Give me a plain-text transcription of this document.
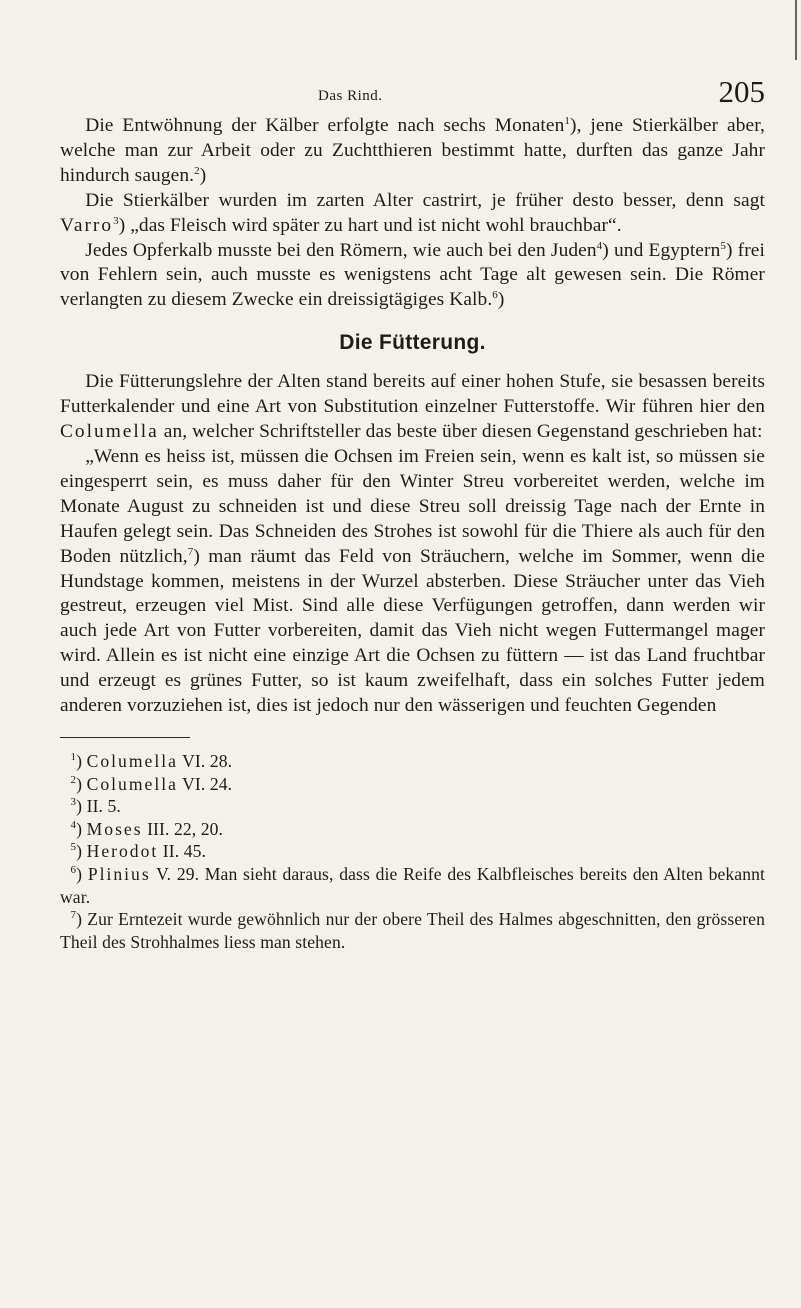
Das Rind.	205

Die Entwöhnung der Kälber erfolgte nach sechs Monaten$^1$), jene Stierkälber aber, welche man zur Arbeit oder zu Zuchtthieren bestimmt hatte, durften das ganze Jahr hindurch saugen.$^2$)

Die Stierkälber wurden im zarten Alter castrirt, je früher desto besser, denn sagt Varro$^3$) „das Fleisch wird später zu hart und ist nicht wohl brauchbar“.

Jedes Opferkalb musste bei den Römern, wie auch bei den Juden$^4$) und Egyptern$^5$) frei von Fehlern sein, auch musste es wenigstens acht Tage alt gewesen sein. Die Römer verlangten zu diesem Zwecke ein dreissigtägiges Kalb.$^6$)

Die Fütterung.

Die Fütterungslehre der Alten stand bereits auf einer hohen Stufe, sie besassen bereits Futterkalender und eine Art von Substitution einzelner Futterstoffe. Wir führen hier den Columella an, welcher Schriftsteller das beste über diesen Gegenstand geschrieben hat:

„Wenn es heiss ist, müssen die Ochsen im Freien sein, wenn es kalt ist, so müssen sie eingesperrt sein, es muss daher für den Winter Streu vorbereitet werden, welche im Monate August zu schneiden ist und diese Streu soll dreissig Tage nach der Ernte in Haufen gelegt sein. Das Schneiden des Strohes ist sowohl für die Thiere als auch für den Boden nützlich,$^7$) man räumt das Feld von Sträuchern, welche im Sommer, wenn die Hundstage kommen, meistens in der Wurzel absterben. Diese Sträucher unter das Vieh gestreut, erzeugen viel Mist. Sind alle diese Verfügungen getroffen, dann werden wir auch jede Art von Futter vorbereiten, damit das Vieh nicht wegen Futtermangel mager wird. Allein es ist nicht eine einzige Art die Ochsen zu füttern — ist das Land fruchtbar und erzeugt es grünes Futter, so ist kaum zweifelhaft, dass ein solches Futter jedem anderen vorzuziehen ist, dies ist jedoch nur den wässerigen und feuchten Gegenden

$^1$) Columella VI. 28.

$^2$) Columella VI. 24.

$^3$) II. 5.

$^4$) Moses III. 22, 20.

$^5$) Herodot II. 45.

$^6$) Plinius V. 29. Man sieht daraus, dass die Reife des Kalbfleisches bereits den Alten bekannt war.

$^7$) Zur Erntezeit wurde gewöhnlich nur der obere Theil des Halmes abgeschnitten, den grösseren Theil des Strohhalmes liess man stehen.
